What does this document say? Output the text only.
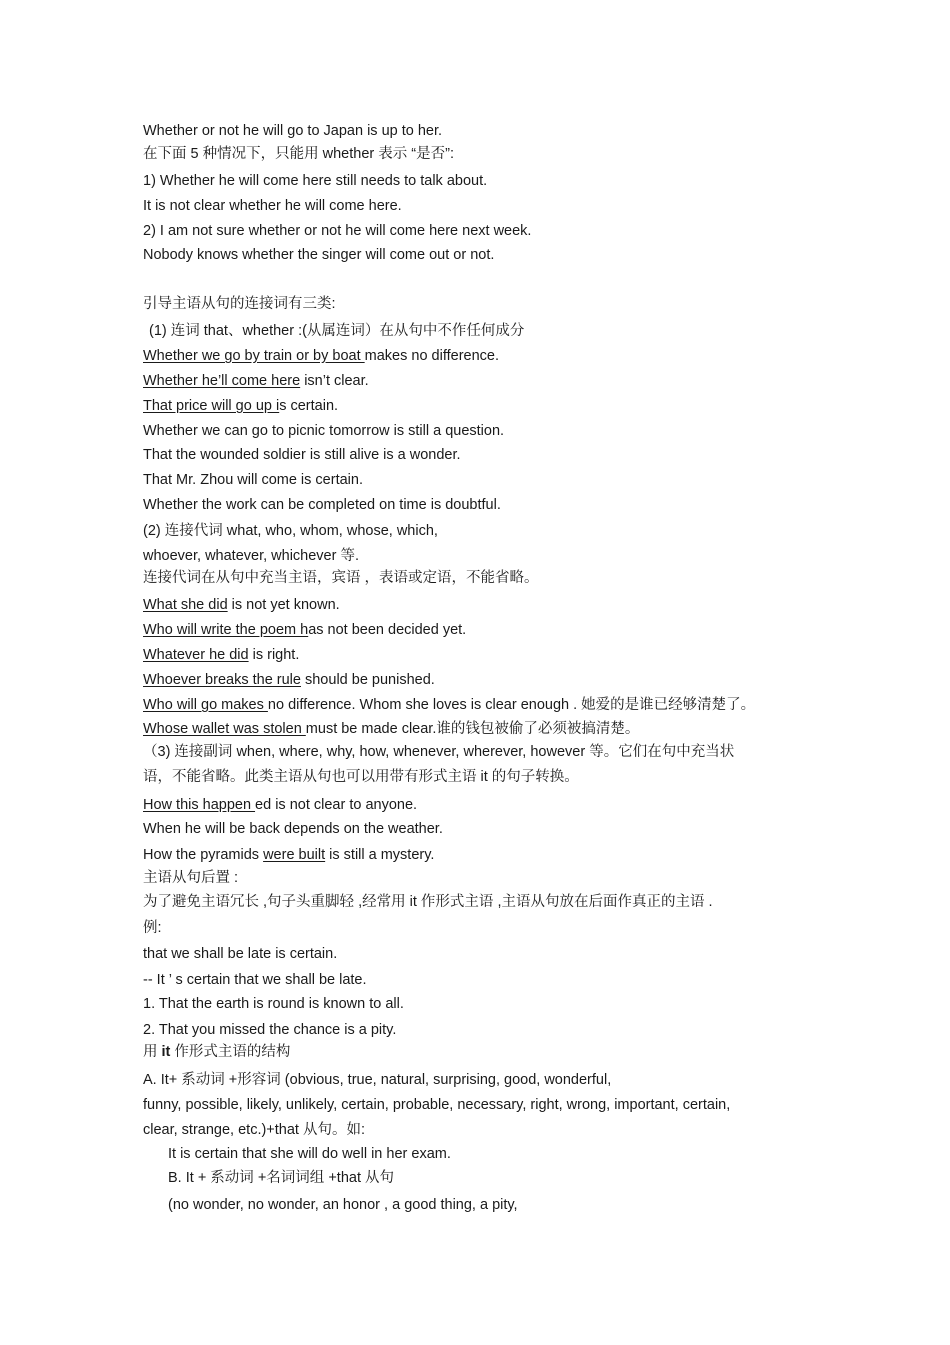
Whether or not he will go to Japan is up to her.
在下面 5 种情况下，只能用 whether 表示 “是否”:
1) Whether he will come here still needs to talk about.
It is not clear whether he will come here.
2) I am not sure whether or not he will come here next week.
Nobody knows whether the singer will come out or not.
引导主语从句的连接词有三类:
(1) 连词 that、whether :(从属连词）在从句中不作任何成分
Whether we go by train or by boat makes no difference.
Whether he’ll come here isn’t clear.
That price will go up is certain.
Whether we can go to picnic tomorrow is still a question.
That the wounded soldier is still alive is a wonder.
That Mr. Zhou will come is certain.
Whether the work can be completed on time is doubtful.
(2) 连接代词 what, who, whom, whose, which,
whoever, whatever, whichever 等.
连接代词在从句中充当主语，宾语 ，表语或定语，不能省略。
What she did is not yet known.
Who will write the poem has not been decided yet.
Whatever he did is right.
Whoever breaks the rule should be punished.
Who will go makes no difference. Whom she loves is clear enough . 她爱的是谁已经够清楚了。
Whose wallet was stolen must be made clear.谁的钱包被偷了必须被搞清楚。
（3) 连接副词 when, where, why, how, whenever, wherever, however 等。它们在句中充当状
语，不能省略。此类主语从句也可以用带有形式主语 it 的句子转换。
How this happen ed is not clear to anyone.
When he will be back depends on the weather.
How the pyramids were built is still a mystery.
主语从句后置 :
为了避免主语冗长 ,句子头重脚轻 ,经常用 it 作形式主语 ,主语从句放在后面作真正的主语 .
例:
that we shall be late is certain.
-- It ’ s certain that we shall be late.
1. That the earth is round is known to all.
2. That you missed the chance is a pity.
用 it 作形式主语的结构
A. It+ 系动词 +形容词 (obvious, true, natural, surprising, good, wonderful,
funny, possible, likely, unlikely, certain, probable, necessary, right, wrong, important, certain,
clear, strange, etc.)+that 从句。如:
It is certain that she will do well in her exam.
B. It + 系动词 +名词词组 +that 从句
(no wonder, no wonder, an honor , a good thing, a pity,
